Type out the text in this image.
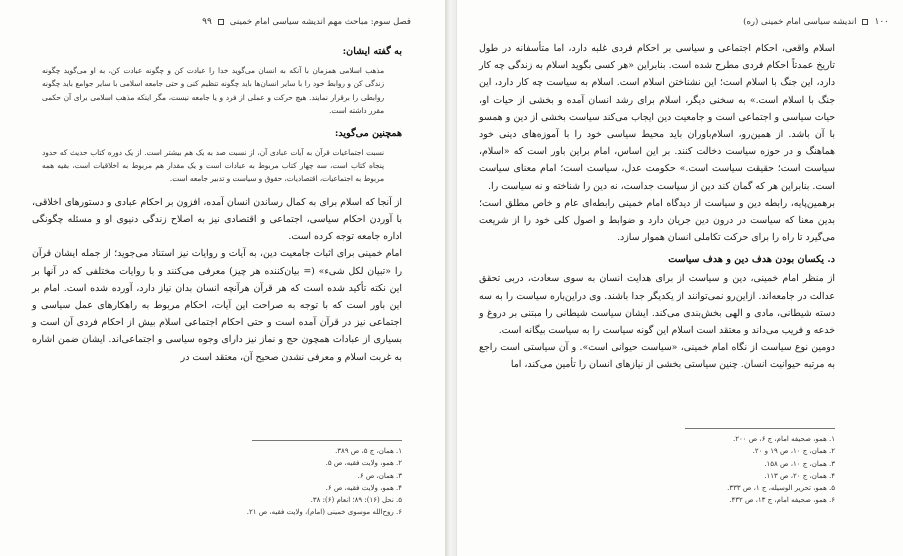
فصل سوم: مباحث مهم اندیشه سیاسی امام خمینی
۹۹
به گفته ایشان:
مذهب اسلامی همزمان با آنکه به انسان می‌گوید خدا را عبادت کن و چگونه عبادت کن، به او می‌گوید چگونه زندگی کن و روابط خود را با سایر انسان‌ها باید چگونه تنظیم کنی و حتی جامعه اسلامی با سایر جوامع باید چگونه روابطی را برقرار نمایند. هیچ حرکت و عملی از فرد و یا جامعه نیست، مگر اینکه مذهب اسلامی برای آن حکمی مقرر داشته است.
همچنین می‌گوید:
نسبت اجتماعیات قرآن به آیات عبادی آن، از نسبت صد به یک هم بیشتر است. از یک دوره کتاب حدیث که حدود پنجاه کتاب است، سه چهار کتاب مربوط به عبادات است و یک مقدار هم مربوط به اخلاقیات است، بقیه همه مربوط به اجتماعیات، اقتصادیات، حقوق و سیاست و تدبیر جامعه است.
از آنجا که اسلام برای به کمال رساندن انسان آمده، افزون بر احکام عبادی و دستورهای اخلاقی، با آوردن احکام سیاسی، اجتماعی و اقتصادی نیز به اصلاح زندگی دنیوی او و مسئله چگونگی اداره جامعه توجه کرده است.
امام خمینی برای اثبات جامعیت دین، به آیات و روایات نیز استناد می‌جوید؛ از جمله ایشان قرآن را «تبیان لکل شیء» (= بیان‌کننده هر چیز) معرفی می‌کنند و با روایات مختلفی که در آنها بر این نکته تأکید شده است که هر قرآن هرآنچه انسان بدان نیاز دارد، آورده شده است. امام بر این باور است که با توجه به صراحت این آیات، احکام مربوط به راهکارهای عمل سیاسی و اجتماعی نیز در قرآن آمده است و حتی احکام اجتماعی اسلام بیش از احکام فردی آن است و بسیاری از عبادات همچون حج و نماز نیز دارای وجوه سیاسی و اجتماعی‌اند. ایشان ضمن اشاره به غربت اسلام و معرفی نشدن صحیح آن، معتقد است در
۱. همان، ج ۵، ص ۳۸۹.
۲. همو، ولایت فقیه، ص ۵.
۳. همان، ص ۶.
۴. همو، ولایت فقیه، ص ۶.
۵. نحل (۱۶): ۸۹؛ انعام (۶): ۳۸.
۶. روح‌الله موسوی خمینی (امام)، ولایت فقیه، ص ۲۱.
۱۰۰
اندیشه سیاسی امام خمینی (ره)
اسلام واقعی، احکام اجتماعی و سیاسی بر احکام فردی غلبه دارد، اما متأسفانه در طول تاریخ عمدتاً احکام فردی مطرح شده است. بنابراین «هر کسی بگوید اسلام به زندگی چه کار دارد، این جنگ با اسلام است؛ این نشناختن اسلام است. اسلام به سیاست چه کار دارد، این جنگ با اسلام است.» به سخنی دیگر، اسلام برای رشد انسان آمده و بخشی از حیات او، حیات سیاسی و اجتماعی است و جامعیت دین ایجاب می‌کند سیاست بخشی از دین و همسو با آن باشد. از همین‌رو، اسلام‌باوران باید محیط سیاسی خود را با آموزه‌های دینی خود هماهنگ و در حوزه سیاست دخالت کنند. بر این اساس، امام براین باور است که «اسلام، سیاست است؛ حقیقت سیاست است.» حکومت عدل، سیاست است؛ امام معنای سیاست است. بنابراین هر که گمان کند دین از سیاست جداست، نه دین را شناخته و نه سیاست را.
برهمین‌پایه، رابطه دین و سیاست از دیدگاه امام خمینی رابطه‌ای عام و خاص مطلق است؛ بدین معنا که سیاست در درون دین جریان دارد و ضوابط و اصول کلی خود را از شریعت می‌گیرد تا راه را برای حرکت تکاملی انسان هموار سازد.
د. یکسان بودن هدف دین و هدف سیاست
از منظر امام خمینی، دین و سیاست از برای هدایت انسان به سوی سعادت، دربی تحقق عدالت در جامعه‌اند. ازاین‌رو نمی‌توانند از یکدیگر جدا باشند. وی دراین‌باره سیاست را به سه دسته شیطانی، مادی و الهی بخش‌بندی می‌کند. ایشان سیاست شیطانی را مبتنی بر دروغ و خدعه و فریب می‌داند و معتقد است اسلام این گونه سیاست را به سیاست بیگانه است.
دومین نوع سیاست از نگاه امام خمینی، «سیاست حیوانی است». و آن سیاستی است راجع به مرتبه حیوانیت انسان. چنین سیاستی بخشی از نیازهای انسان را تأمین می‌کند، اما
۱. همو، صحیفه امام، ج ۶، ص ۲۰۰.
۲. همان، ج ۱۰، ص ۱۹ و ۲۰.
۳. همان، ج ۱۰، ص ۱۵۸.
۴. همان، ج ۲۰، ص ۱۱۳.
۵. همو، تحریر الوسیله، ج ۱، ص ۳۳۳.
۶. همو، صحیفه امام، ج ۱۳، ص ۴۳۲.
